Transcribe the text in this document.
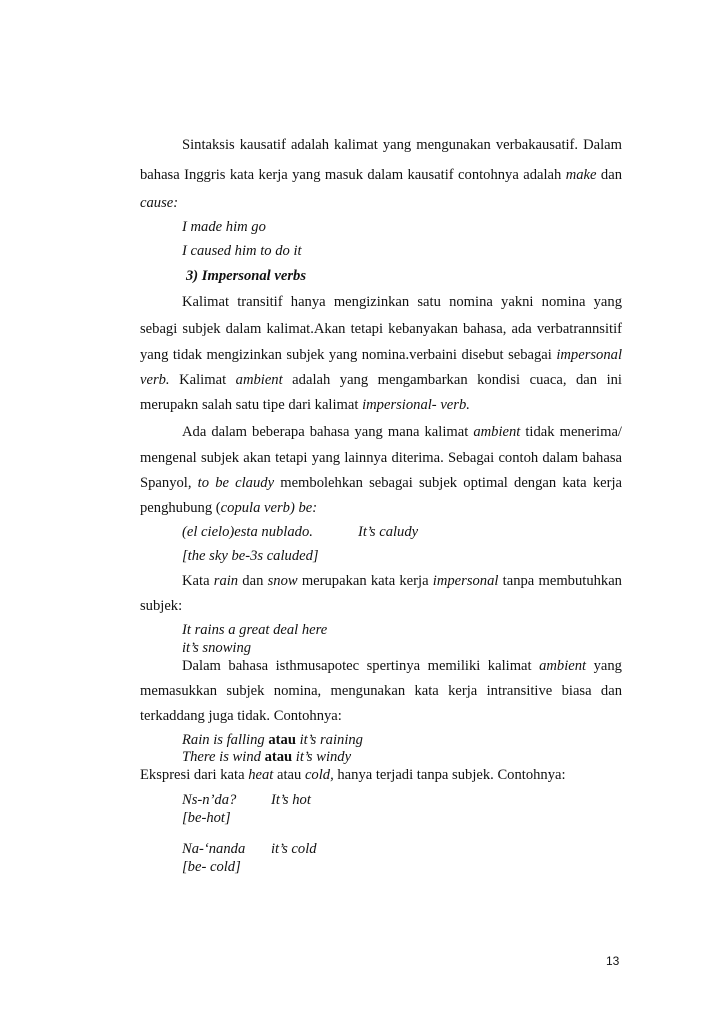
Sintaksis kausatif adalah kalimat yang mengunakan verbakausatif. Dalam
bahasa Inggris kata kerja yang masuk dalam kausatif contohnya adalah make dan
cause:
I made him go
I caused him to do it
3) Impersonal verbs
Kalimat transitif hanya mengizinkan satu nomina yakni nomina yang
sebagi subjek dalam kalimat.Akan tetapi kebanyakan bahasa, ada verbatrannsitif
yang tidak mengizinkan subjek yang nomina.verbaini disebut sebagai impersonal
verb. Kalimat ambient adalah yang mengambarkan kondisi cuaca, dan ini
merupakn salah satu tipe dari kalimat impersional- verb.
Ada dalam beberapa bahasa yang mana kalimat ambient tidak menerima/
mengenal subjek akan tetapi yang lainnya diterima. Sebagai contoh dalam bahasa
Spanyol, to be claudy membolehkan sebagai subjek optimal dengan kata kerja
penghubung (copula verb) be:
(el cielo)esta nublado.	It’s caludy
[the sky be-3s caluded]
Kata rain dan snow merupakan kata kerja impersonal tanpa membutuhkan
subjek:
It rains a great deal here
it’s snowing
Dalam bahasa isthmusapotec spertinya memiliki kalimat ambient yang
memasukkan subjek nomina, mengunakan kata kerja intransitive biasa dan
terkaddang juga tidak. Contohnya:
Rain is falling atau it’s raining
There is wind atau it’s windy
Ekspresi dari kata heat atau cold, hanya terjadi tanpa subjek. Contohnya:
Ns-n’da? It’s hot
[be-hot]
Na-‘nanda it’s cold
[be- cold]
13
